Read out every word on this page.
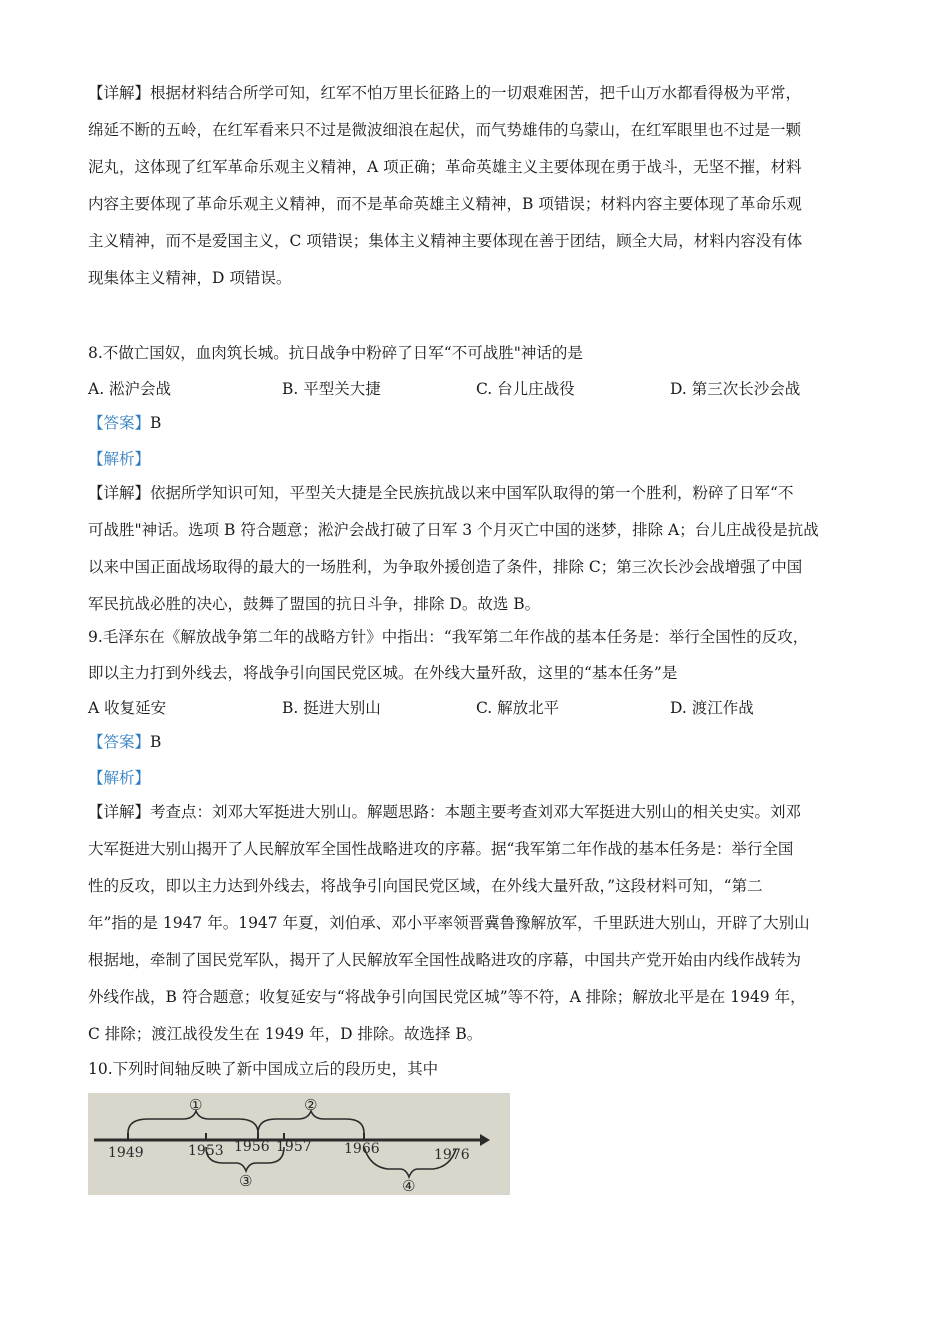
【详解】根据材料结合所学可知，红军不怕万里长征路上的一切艰难困苦，把千山万水都看得极为平常，
绵延不断的五岭，在红军看来只不过是微波细浪在起伏，而气势雄伟的乌蒙山，在红军眼里也不过是一颗
泥丸，这体现了红军革命乐观主义精神，A 项正确；革命英雄主义主要体现在勇于战斗，无坚不摧，材料
内容主要体现了革命乐观主义精神，而不是革命英雄主义精神，B 项错误；材料内容主要体现了革命乐观
主义精神，而不是爱国主义，C 项错误；集体主义精神主要体现在善于团结，顾全大局，材料内容没有体
现集体主义精神，D 项错误。
8.不做亡国奴，血肉筑长城。抗日战争中粉碎了日军“不可战胜"神话的是
A. 淞沪会战	B. 平型关大捷	C. 台儿庄战役	D. 第三次长沙会战
【答案】B
【解析】
【详解】依据所学知识可知，平型关大捷是全民族抗战以来中国军队取得的第一个胜利，粉碎了日军“不
可战胜"神话。选项 B 符合题意；淞沪会战打破了日军 3 个月灭亡中国的迷梦，排除 A；台儿庄战役是抗战
以来中国正面战场取得的最大的一场胜利，为争取外援创造了条件，排除 C；第三次长沙会战增强了中国
军民抗战必胜的决心，鼓舞了盟国的抗日斗争，排除 D。故选 B。
9.毛泽东在《解放战争第二年的战略方针》中指出：“我军第二年作战的基本任务是：举行全国性的反攻，
即以主力打到外线去，将战争引向国民党区城。在外线大量歼敌，这里的“基本任务”是
A 收复延安	B. 挺进大别山	C. 解放北平	D. 渡江作战
【答案】B
【解析】
【详解】考查点：刘邓大军挺进大别山。解题思路：本题主要考查刘邓大军挺进大别山的相关史实。刘邓
大军挺进大别山揭开了人民解放军全国性战略进攻的序幕。据“我军第二年作战的基本任务是：举行全国
性的反攻，即以主力达到外线去，将战争引向国民党区域，在外线大量歼敌，”这段材料可知，“第二
年”指的是 1947 年。1947 年夏，刘伯承、邓小平率领晋冀鲁豫解放军，千里跃进大别山，开辟了大别山
根据地，牵制了国民党军队，揭开了人民解放军全国性战略进攻的序幕，中国共产党开始由内线作战转为
外线作战，B 符合题意；收复延安与“将战争引向国民党区城”等不符，A 排除；解放北平是在 1949 年，
C 排除；渡江战役发生在 1949 年，D 排除。故选择 B。
10.下列时间轴反映了新中国成立后的段历史，其中
1949	1953 1956 1957 1966	1976
①	②
③	④
